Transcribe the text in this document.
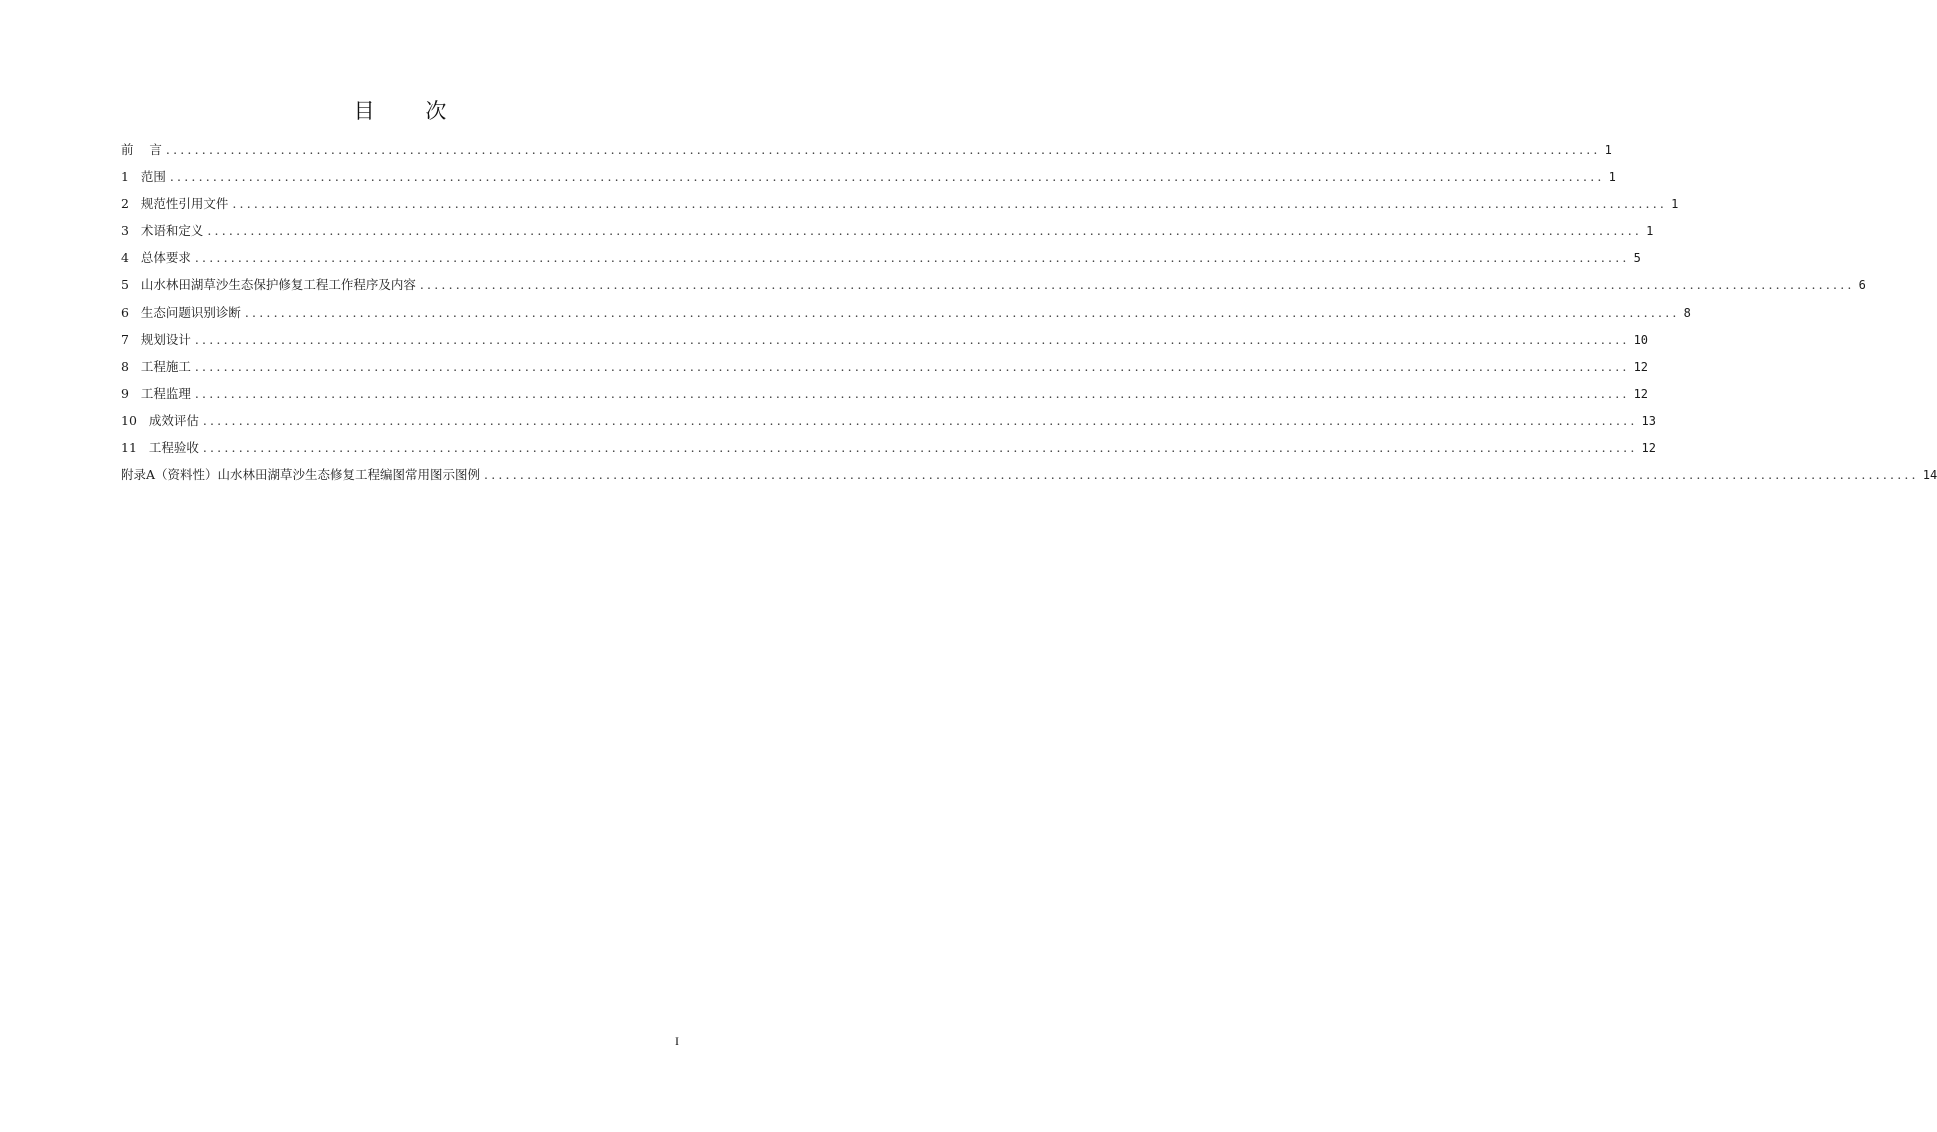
目 次
前    言 ........................................................................................................................................................................................................ 1
1   范围 ........................................................................................................................................................................................................ 1
2   规范性引用文件 ........................................................................................................................................................................................................ 1
3   术语和定义 ........................................................................................................................................................................................................ 1
4   总体要求 ........................................................................................................................................................................................................ 5
5   山水林田湖草沙生态保护修复工程工作程序及内容 ........................................................................................................................................................................................................ 6
6   生态问题识别诊断 ........................................................................................................................................................................................................ 8
7   规划设计 ........................................................................................................................................................................................................ 10
8   工程施工 ........................................................................................................................................................................................................ 12
9   工程监理 ........................................................................................................................................................................................................ 12
10   成效评估 ........................................................................................................................................................................................................ 13
11   工程验收 ........................................................................................................................................................................................................ 12
附录A（资料性）山水林田湖草沙生态修复工程编图常用图示图例 ........................................................................................................................................................................................................ 14
I
